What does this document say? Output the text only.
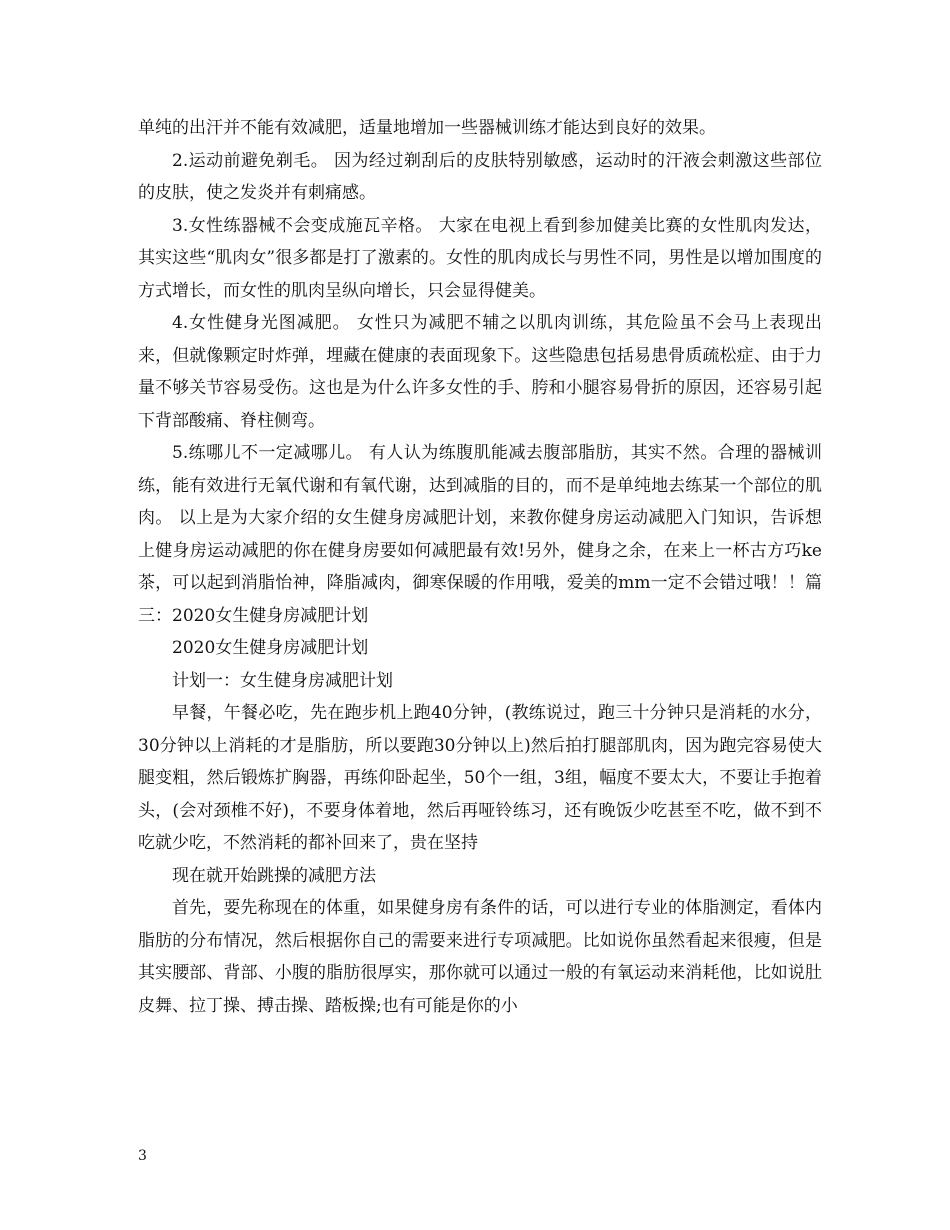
单纯的出汗并不能有效减肥，适量地增加一些器械训练才能达到良好的效果。

2.运动前避免剃毛。 因为经过剃刮后的皮肤特别敏感，运动时的汗液会刺激这些部位的皮肤，使之发炎并有刺痛感。

3.女性练器械不会变成施瓦辛格。 大家在电视上看到参加健美比赛的女性肌肉发达，其实这些“肌肉女”很多都是打了激素的。女性的肌肉成长与男性不同，男性是以增加围度的方式增长，而女性的肌肉呈纵向增长，只会显得健美。

4.女性健身光图减肥。 女性只为减肥不辅之以肌肉训练，其危险虽不会马上表现出来，但就像颗定时炸弹，埋藏在健康的表面现象下。这些隐患包括易患骨质疏松症、由于力量不够关节容易受伤。这也是为什么许多女性的手、胯和小腿容易骨折的原因，还容易引起下背部酸痛、脊柱侧弯。

5.练哪儿不一定减哪儿。 有人认为练腹肌能减去腹部脂肪，其实不然。合理的器械训练，能有效进行无氧代谢和有氧代谢，达到减脂的目的，而不是单纯地去练某一个部位的肌肉。 以上是为大家介绍的女生健身房减肥计划，来教你健身房运动减肥入门知识，告诉想上健身房运动减肥的你在健身房要如何减肥最有效!另外，健身之余，在来上一杯古方巧ke茶，可以起到消脂怡神，降脂减肉，御寒保暖的作用哦，爱美的mm一定不会错过哦！！篇三：2020女生健身房减肥计划

2020女生健身房减肥计划

计划一：女生健身房减肥计划

早餐，午餐必吃，先在跑步机上跑40分钟，(教练说过，跑三十分钟只是消耗的水分，30分钟以上消耗的才是脂肪，所以要跑30分钟以上)然后拍打腿部肌肉，因为跑完容易使大腿变粗，然后锻炼扩胸器，再练仰卧起坐，50个一组，3组，幅度不要太大，不要让手抱着头，(会对颈椎不好)，不要身体着地，然后再哑铃练习，还有晚饭少吃甚至不吃，做不到不吃就少吃，不然消耗的都补回来了，贵在坚持

现在就开始跳操的减肥方法

首先，要先称现在的体重，如果健身房有条件的话，可以进行专业的体脂测定，看体内脂肪的分布情况，然后根据你自己的需要来进行专项减肥。比如说你虽然看起来很瘦，但是其实腰部、背部、小腹的脂肪很厚实，那你就可以通过一般的有氧运动来消耗他，比如说肚皮舞、拉丁操、搏击操、踏板操;也有可能是你的小

3
